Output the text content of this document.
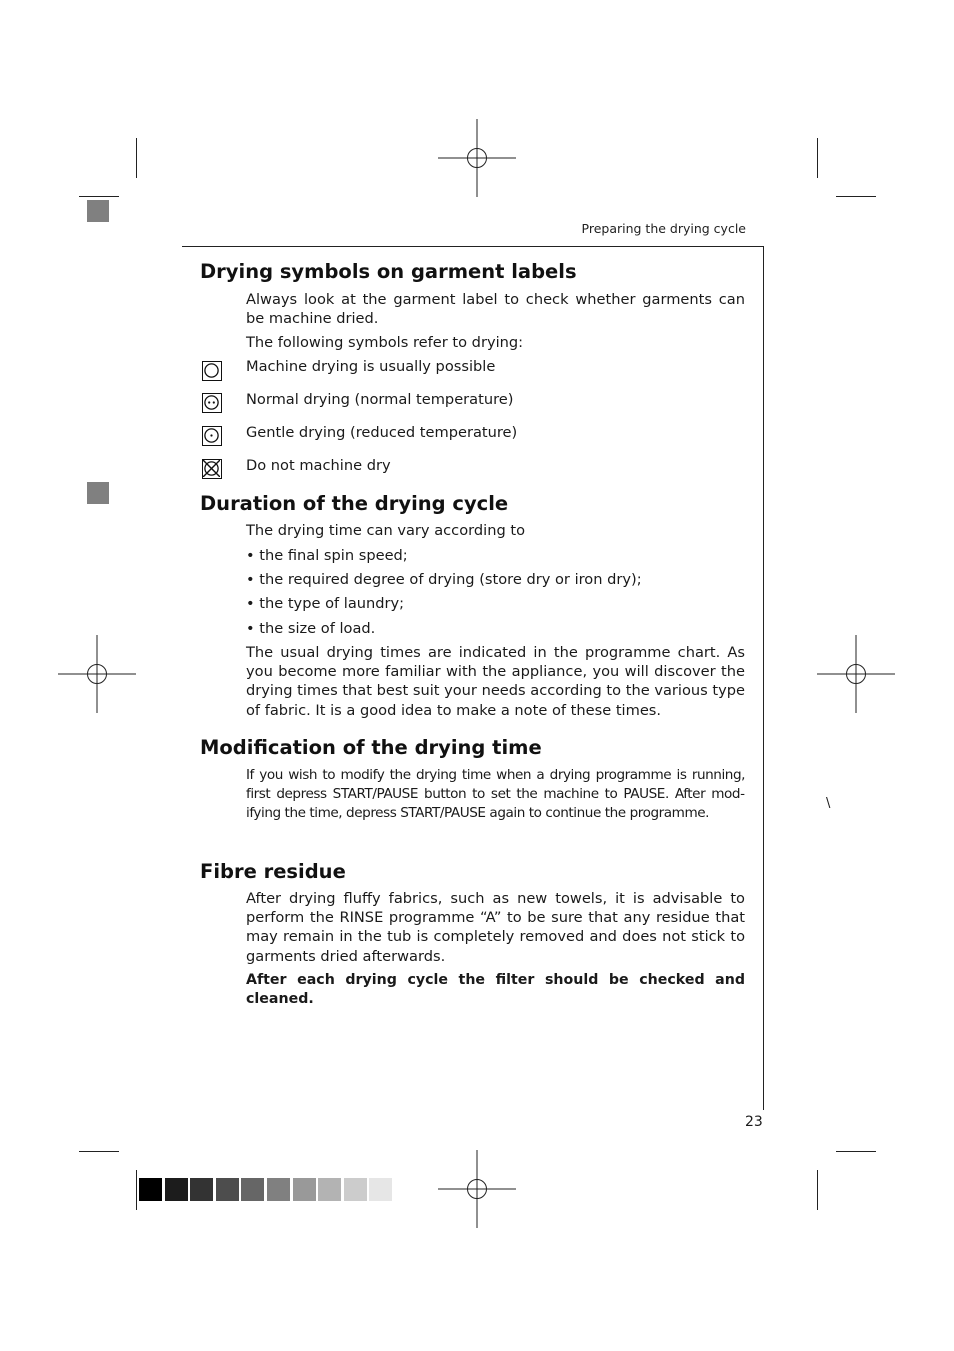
Preparing the drying cycle
23
\
Drying symbols on garment labels

Always look at the garment label to check whether garments can be machine dried.

The following symbols refer to drying:

Machine drying is usually possible

Normal drying (normal temperature)

Gentle drying (reduced temperature)

Do not machine dry

Duration of the drying cycle

The drying time can vary according to

• the final spin speed;

• the required degree of drying (store dry or iron dry);

• the type of laundry;

• the size of load.

The usual drying times are indicated in the programme chart. As you become more familiar with the appliance, you will discover the drying times that best suit your needs according to the various type of fabric. It is a good idea to make a note of these times.

Modification of the drying time

If you wish to modify the drying time when a drying programme is running, first depress START/PAUSE button to set the machine to PAUSE. After modifying the time, depress START/PAUSE again to continue the programme.

Fibre residue

After drying fluffy fabrics, such as new towels, it is advisable to perform the RINSE programme “A” to be sure that any residue that may remain in the tub is completely removed and does not stick to garments dried afterwards.

After each drying cycle the filter should be checked and cleaned.
